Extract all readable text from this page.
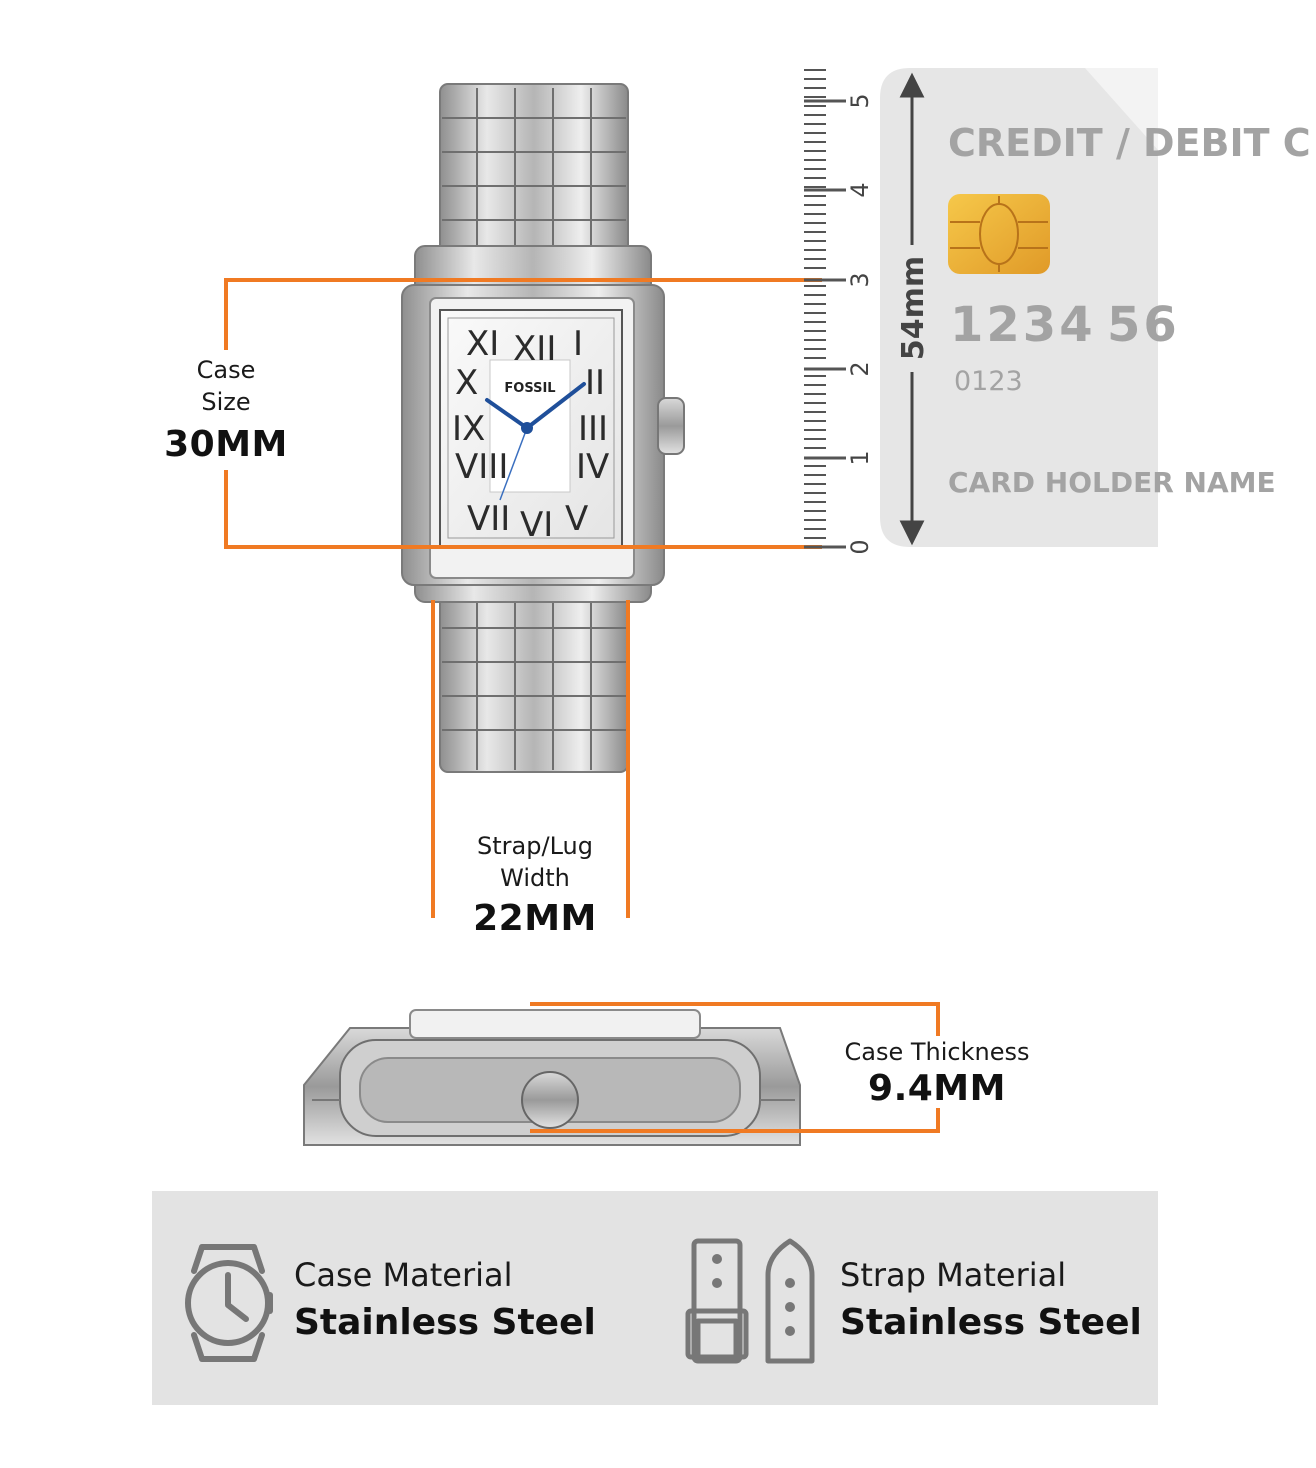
XII
XI I
X	II
IX	III
VIII IV
VII VI V
FOSSIL
0
1
2
3
4
5
54mm
CREDIT / DEBIT C
1234 56
0123
CARD HOLDER NAME
Case
Size
30MM
Strap/Lug
Width
22MM
Case Thickness
9.4MM
Case Material
Stainless Steel
Strap Material
Stainless Steel
